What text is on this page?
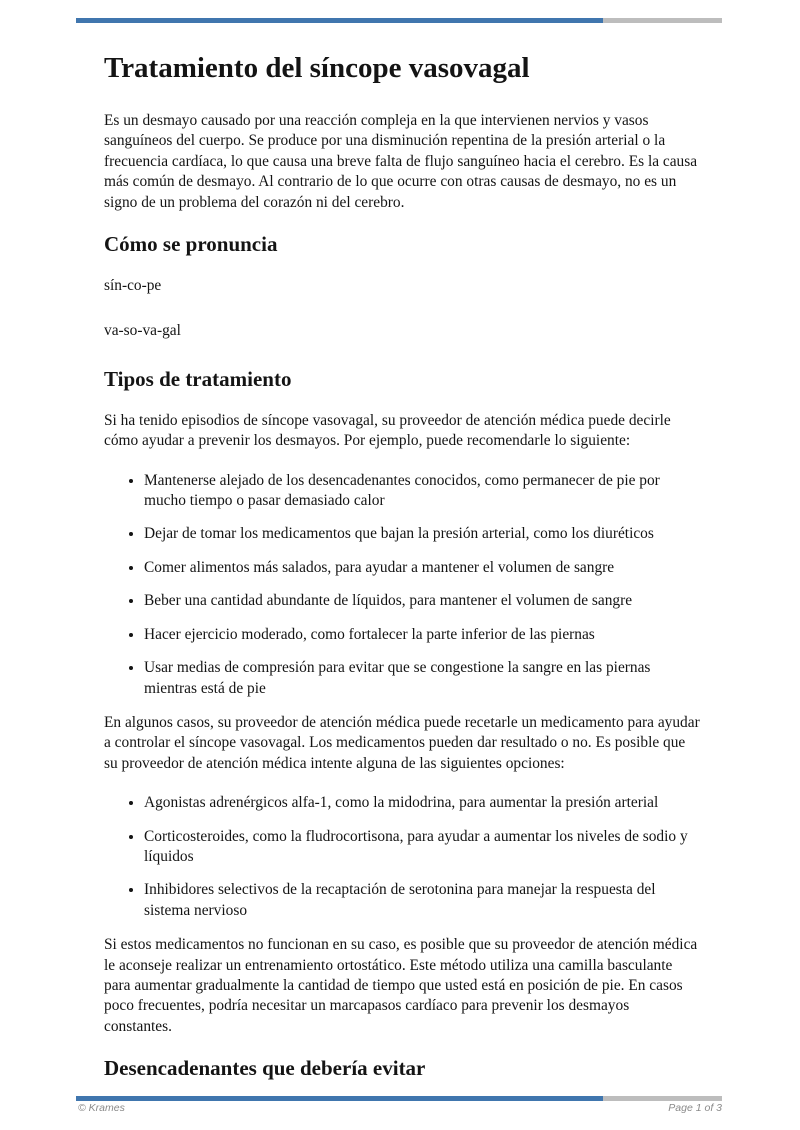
Tratamiento del síncope vasovagal

Es un desmayo causado por una reacción compleja en la que intervienen nervios y vasos sanguíneos del cuerpo. Se produce por una disminución repentina de la presión arterial o la frecuencia cardíaca, lo que causa una breve falta de flujo sanguíneo hacia el cerebro. Es la causa más común de desmayo. Al contrario de lo que ocurre con otras causas de desmayo, no es un signo de un problema del corazón ni del cerebro.

Cómo se pronuncia

sín-co-pe

va-so-va-gal

Tipos de tratamiento

Si ha tenido episodios de síncope vasovagal, su proveedor de atención médica puede decirle cómo ayudar a prevenir los desmayos. Por ejemplo, puede recomendarle lo siguiente:

• Mantenerse alejado de los desencadenantes conocidos, como permanecer de pie por mucho tiempo o pasar demasiado calor
• Dejar de tomar los medicamentos que bajan la presión arterial, como los diuréticos
• Comer alimentos más salados, para ayudar a mantener el volumen de sangre
• Beber una cantidad abundante de líquidos, para mantener el volumen de sangre
• Hacer ejercicio moderado, como fortalecer la parte inferior de las piernas
• Usar medias de compresión para evitar que se congestione la sangre en las piernas mientras está de pie

En algunos casos, su proveedor de atención médica puede recetarle un medicamento para ayudar a controlar el síncope vasovagal. Los medicamentos pueden dar resultado o no. Es posible que su proveedor de atención médica intente alguna de las siguientes opciones:

• Agonistas adrenérgicos alfa-1, como la midodrina, para aumentar la presión arterial
• Corticosteroides, como la fludrocortisona, para ayudar a aumentar los niveles de sodio y líquidos
• Inhibidores selectivos de la recaptación de serotonina para manejar la respuesta del sistema nervioso

Si estos medicamentos no funcionan en su caso, es posible que su proveedor de atención médica le aconseje realizar un entrenamiento ortostático. Este método utiliza una camilla basculante para aumentar gradualmente la cantidad de tiempo que usted está en posición de pie. En casos poco frecuentes, podría necesitar un marcapasos cardíaco para prevenir los desmayos constantes.

Desencadenantes que debería evitar
© Krames	Page 1 of 3
